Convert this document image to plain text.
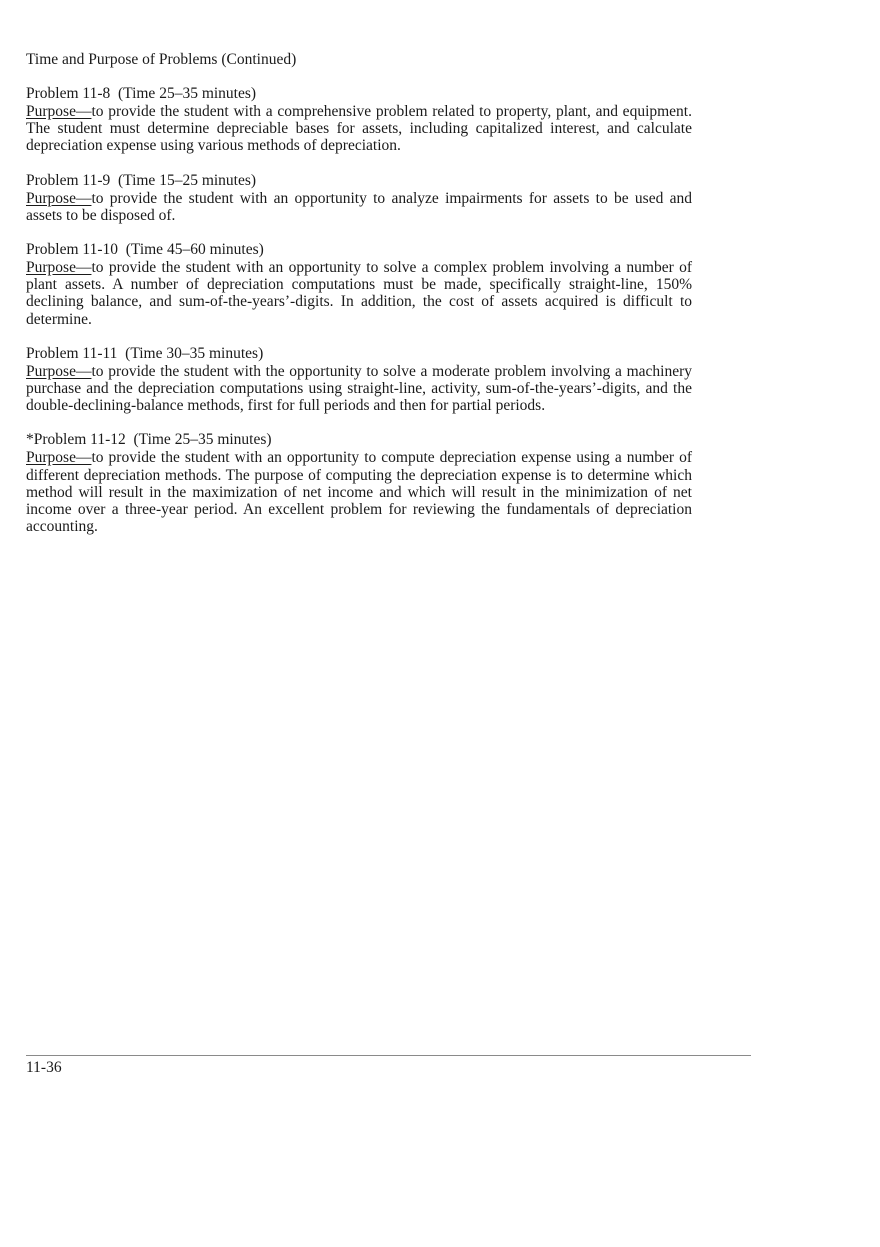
Time and Purpose of Problems (Continued)
Problem 11-8  (Time 25–35 minutes)
Purpose—to provide the student with a comprehensive problem related to property, plant, and equipment. The student must determine depreciable bases for assets, including capitalized interest, and calculate depreciation expense using various methods of depreciation.
Problem 11-9  (Time 15–25 minutes)
Purpose—to provide the student with an opportunity to analyze impairments for assets to be used and assets to be disposed of.
Problem 11-10  (Time 45–60 minutes)
Purpose—to provide the student with an opportunity to solve a complex problem involving a number of plant assets. A number of depreciation computations must be made, specifically straight-line, 150% declining balance, and sum-of-the-years’-digits. In addition, the cost of assets acquired is difficult to determine.
Problem 11-11  (Time 30–35 minutes)
Purpose—to provide the student with the opportunity to solve a moderate problem involving a machinery purchase and the depreciation computations using straight-line, activity, sum-of-the-years’-digits, and the double-declining-balance methods, first for full periods and then for partial periods.
*Problem 11-12  (Time 25–35 minutes)
Purpose—to provide the student with an opportunity to compute depreciation expense using a number of different depreciation methods. The purpose of computing the depreciation expense is to determine which method will result in the maximization of net income and which will result in the minimization of net income over a three-year period. An excellent problem for reviewing the fundamentals of depreciation accounting.
11-36
